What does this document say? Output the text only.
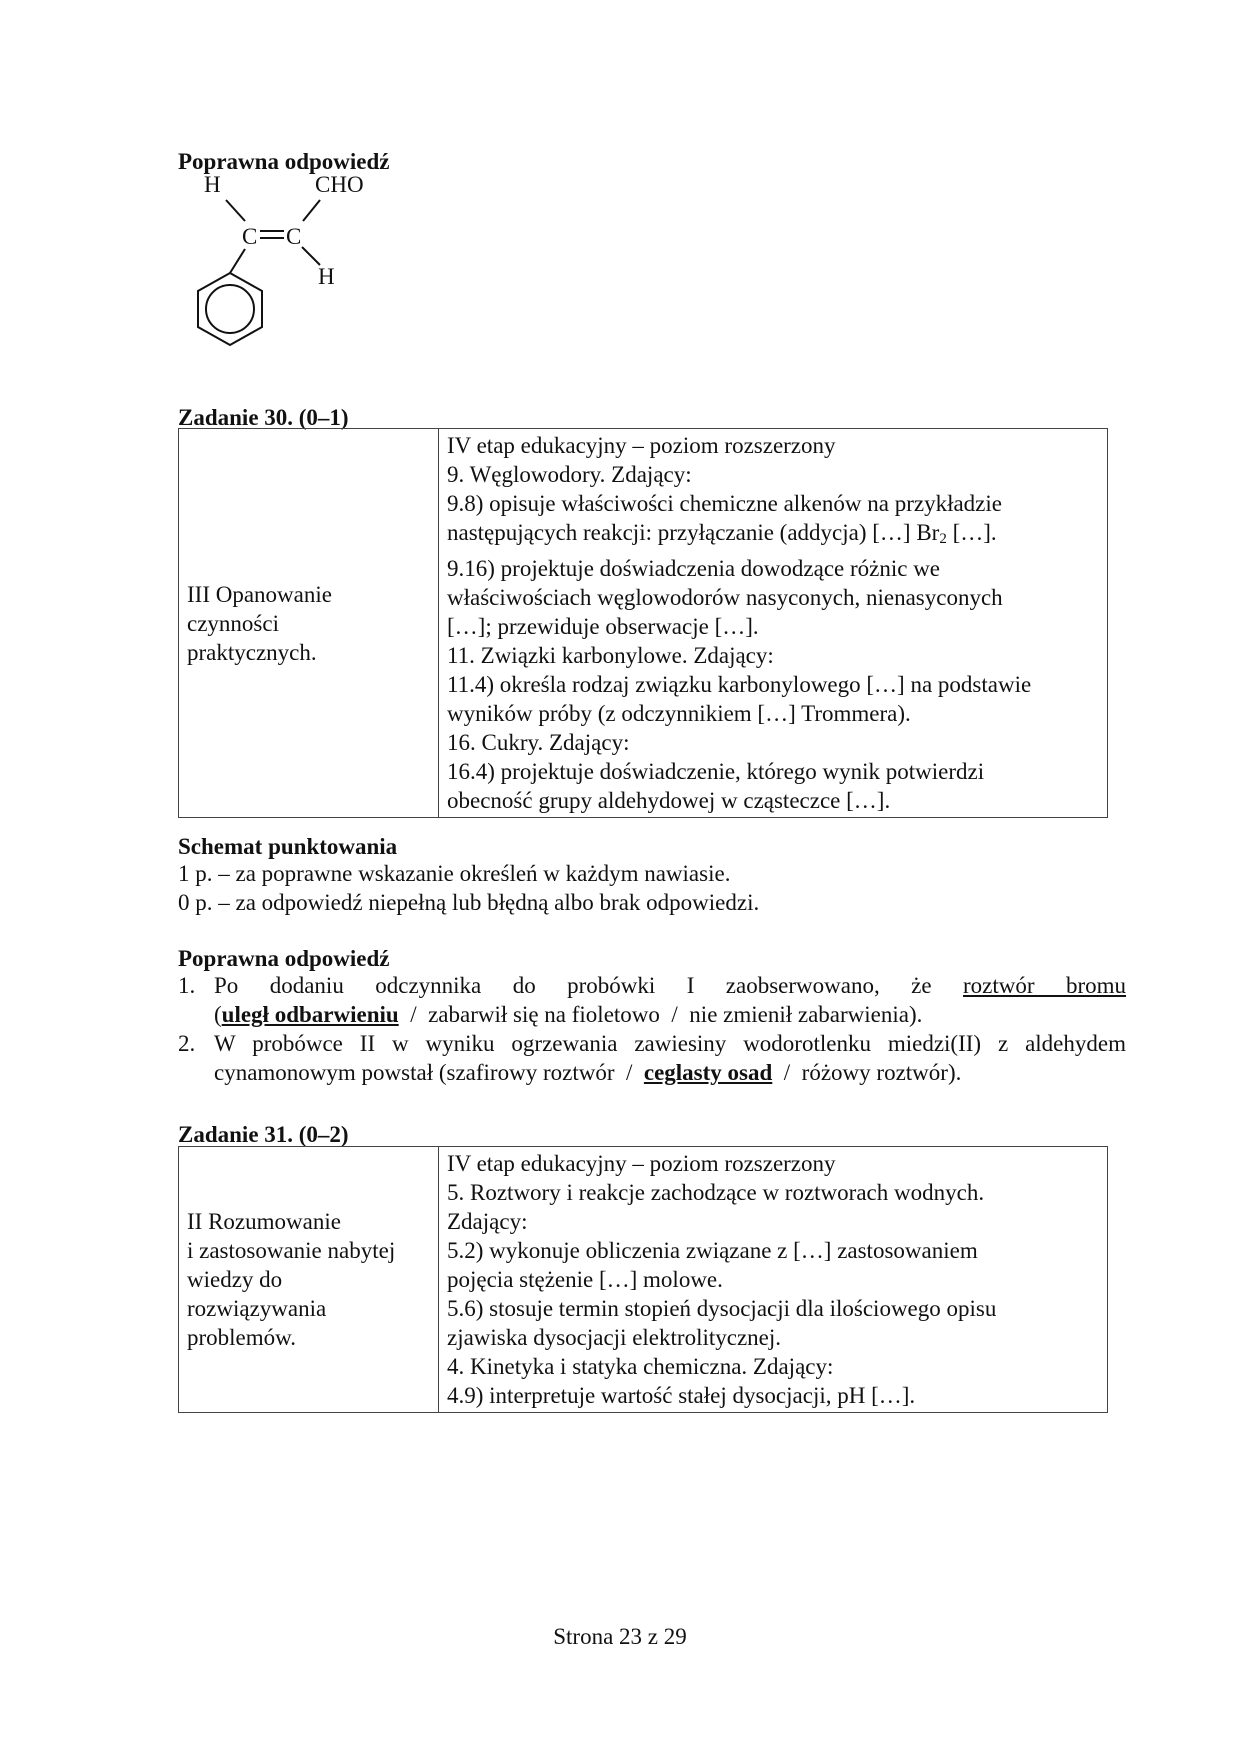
Poprawna odpowiedź
H	CHO
C C
H
Zadanie 30. (0–1)
III Opanowanie
czynności
praktycznych.

IV etap edukacyjny – poziom rozszerzony
9. Węglowodory. Zdający:
9.8) opisuje właściwości chemiczne alkenów na przykładzie
następujących reakcji: przyłączanie (addycja) […] $Br_2$ […].
9.16) projektuje doświadczenia dowodzące różnic we
właściwościach węglowodorów nasyconych, nienasyconych
[…]; przewiduje obserwacje […].
11. Związki karbonylowe. Zdający:
11.4) określa rodzaj związku karbonylowego […] na podstawie
wyników próby (z odczynnikiem […] Trommera).
16. Cukry. Zdający:
16.4) projektuje doświadczenie, którego wynik potwierdzi
obecność grupy aldehydowej w cząsteczce […].
Schemat punktowania
1 p. – za poprawne wskazanie określeń w każdym nawiasie.
0 p. – za odpowiedź niepełną lub błędną albo brak odpowiedzi.
Poprawna odpowiedź
1. Po dodaniu odczynnika do probówki I zaobserwowano, że roztwór bromu
(uległ odbarwieniu  /  zabarwił się na fioletowo  /  nie zmienił zabarwienia).
2. W probówce II w wyniku ogrzewania zawiesiny wodorotlenku miedzi(II) z aldehydem
cynamonowym powstał (szafirowy roztwór  /  ceglasty osad  /  różowy roztwór).
Zadanie 31. (0–2)
II Rozumowanie
i zastosowanie nabytej
wiedzy do
rozwiązywania
problemów.

IV etap edukacyjny – poziom rozszerzony
5. Roztwory i reakcje zachodzące w roztworach wodnych.
Zdający:
5.2) wykonuje obliczenia związane z […] zastosowaniem
pojęcia stężenie […] molowe.
5.6) stosuje termin stopień dysocjacji dla ilościowego opisu
zjawiska dysocjacji elektrolitycznej.
4. Kinetyka i statyka chemiczna. Zdający:
4.9) interpretuje wartość stałej dysocjacji, pH […].
Strona 23 z 29
